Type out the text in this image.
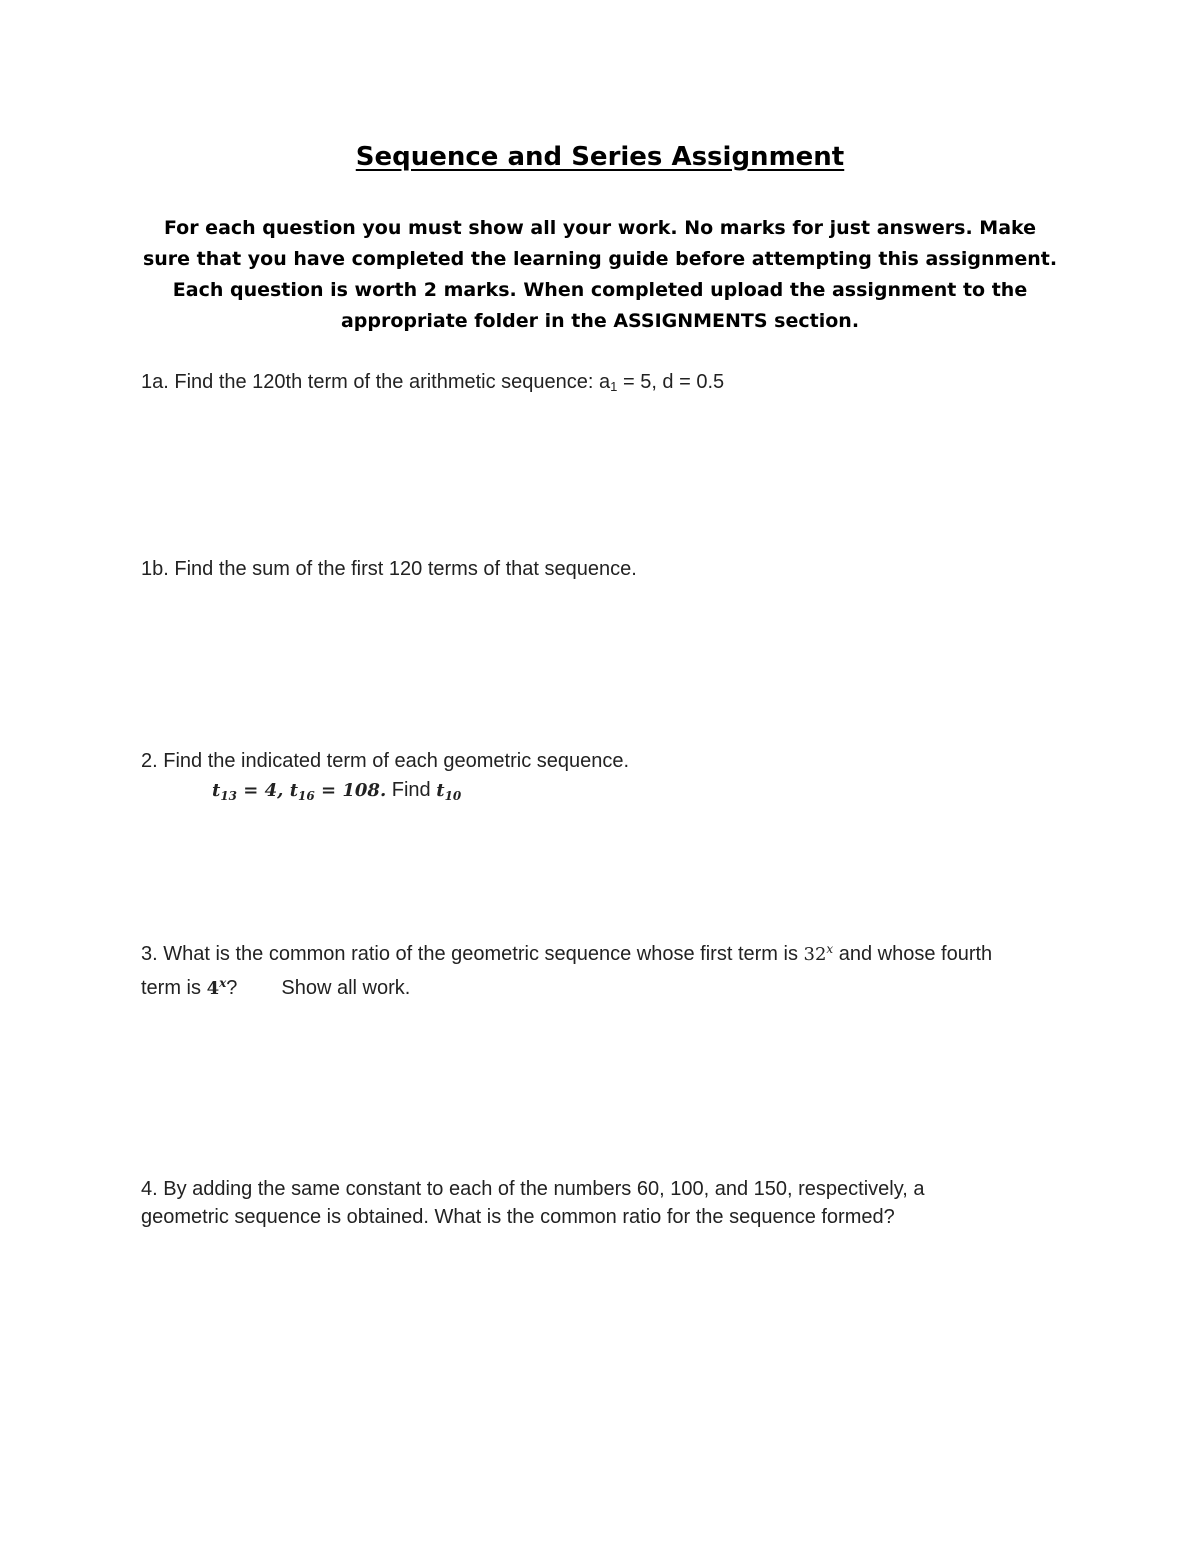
Sequence and Series Assignment
For each question you must show all your work. No marks for just answers. Make sure that you have completed the learning guide before attempting this assignment. Each question is worth 2 marks. When completed upload the assignment to the appropriate folder in the ASSIGNMENTS section.
1a. Find the 120th term of the arithmetic sequence: a1 = 5, d = 0.5
1b. Find the sum of the first 120 terms of that sequence.
2. Find the indicated term of each geometric sequence.
$t_{13} = 4$, $t_{16} = 108$. Find $t_{10}$
3. What is the common ratio of the geometric sequence whose first term is 32$^x$ and whose fourth term is 4$^x$? Show all work.
4. By adding the same constant to each of the numbers 60, 100, and 150, respectively, a geometric sequence is obtained. What is the common ratio for the sequence formed?
